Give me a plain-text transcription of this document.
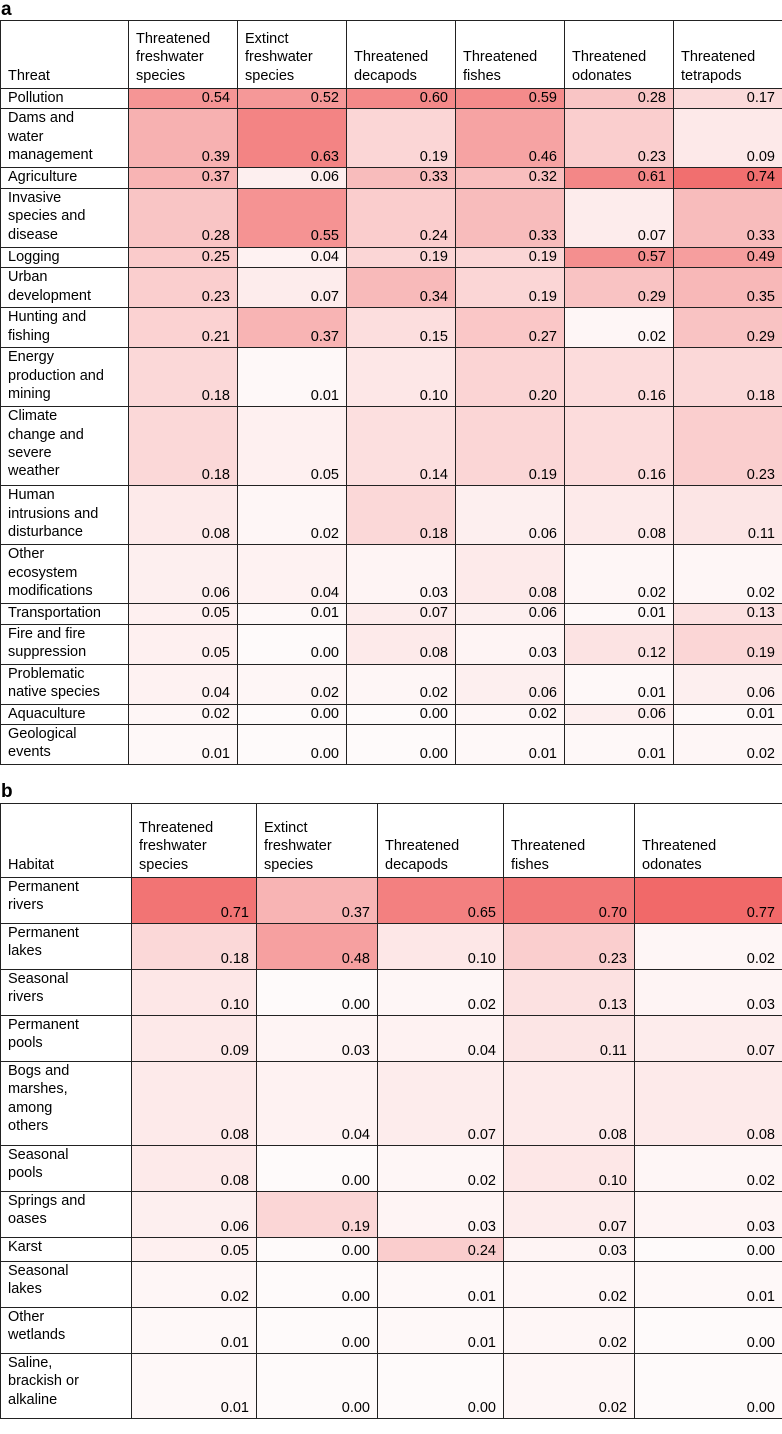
a
Threat	Threatened
freshwater
species	Extinct
freshwater
species	Threatened
decapods	Threatened
fishes	Threatened
odonates	Threatened
tetrapods
Pollution	0.54	0.52	0.60	0.59	0.28	0.17
Dams and
water
management	0.39	0.63	0.19	0.46	0.23	0.09
Agriculture	0.37	0.06	0.33	0.32	0.61	0.74
Invasive
species and
disease	0.28	0.55	0.24	0.33	0.07	0.33
Logging	0.25	0.04	0.19	0.19	0.57	0.49
Urban
development	0.23	0.07	0.34	0.19	0.29	0.35
Hunting and
fishing	0.21	0.37	0.15	0.27	0.02	0.29
Energy
production and
mining	0.18	0.01	0.10	0.20	0.16	0.18
Climate
change and
severe
weather	0.18	0.05	0.14	0.19	0.16	0.23
Human
intrusions and
disturbance	0.08	0.02	0.18	0.06	0.08	0.11
Other
ecosystem
modifications	0.06	0.04	0.03	0.08	0.02	0.02
Transportation	0.05	0.01	0.07	0.06	0.01	0.13
Fire and fire
suppression	0.05	0.00	0.08	0.03	0.12	0.19
Problematic
native species	0.04	0.02	0.02	0.06	0.01	0.06
Aquaculture	0.02	0.00	0.00	0.02	0.06	0.01
Geological
events	0.01	0.00	0.00	0.01	0.01	0.02
b
Habitat	Threatened
freshwater
species	Extinct
freshwater
species	Threatened
decapods	Threatened
fishes	Threatened
odonates
Permanent
rivers	0.71	0.37	0.65	0.70	0.77
Permanent
lakes	0.18	0.48	0.10	0.23	0.02
Seasonal
rivers	0.10	0.00	0.02	0.13	0.03
Permanent
pools	0.09	0.03	0.04	0.11	0.07
Bogs and
marshes,
among
others	0.08	0.04	0.07	0.08	0.08
Seasonal
pools	0.08	0.00	0.02	0.10	0.02
Springs and
oases	0.06	0.19	0.03	0.07	0.03
Karst	0.05	0.00	0.24	0.03	0.00
Seasonal
lakes	0.02	0.00	0.01	0.02	0.01
Other
wetlands	0.01	0.00	0.01	0.02	0.00
Saline,
brackish or
alkaline	0.01	0.00	0.00	0.02	0.00
